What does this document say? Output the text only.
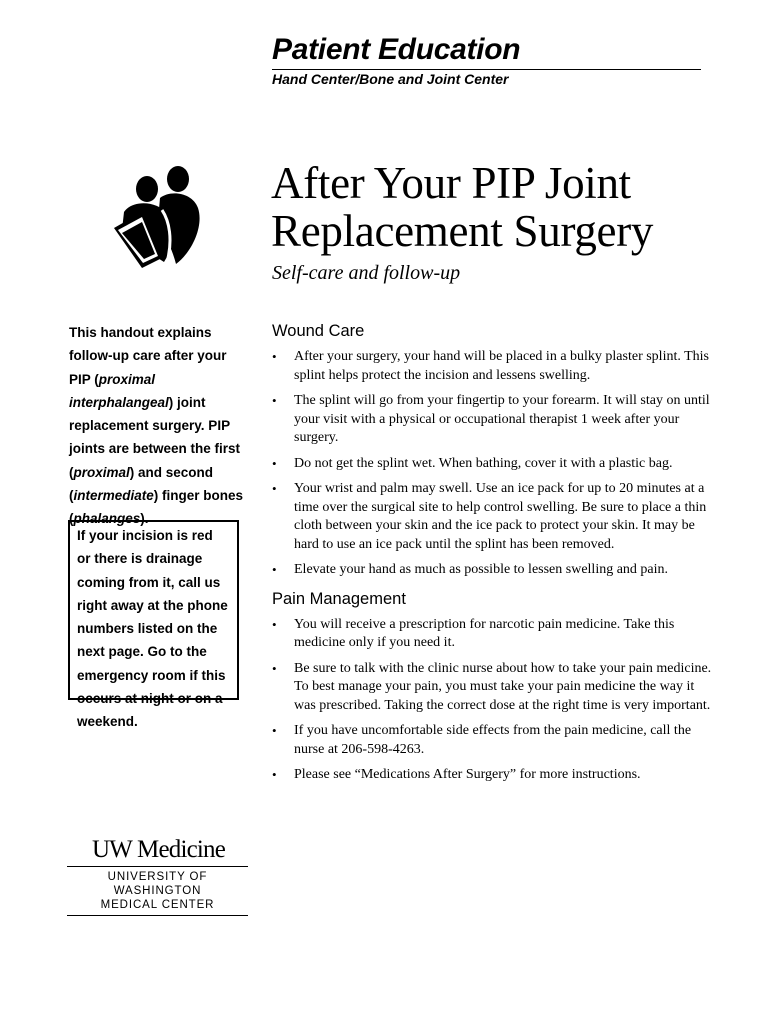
Patient Education
Hand Center/Bone and Joint Center
After Your PIP Joint
Replacement Surgery
Self-care and follow-up
This handout explains follow-up care after your PIP (proximal interphalangeal) joint replacement surgery. PIP joints are between the first (proximal) and second (intermediate) finger bones (phalanges).
If your incision is red or there is drainage coming from it, call us right away at the phone numbers listed on the next page. Go to the emergency room if this occurs at night or on a weekend.
Wound Care
• After your surgery, your hand will be placed in a bulky plaster splint. This splint helps protect the incision and lessens swelling.
• The splint will go from your fingertip to your forearm. It will stay on until your visit with a physical or occupational therapist 1 week after your surgery.
• Do not get the splint wet. When bathing, cover it with a plastic bag.
• Your wrist and palm may swell. Use an ice pack for up to 20 minutes at a time over the surgical site to help control swelling. Be sure to place a thin cloth between your skin and the ice pack to protect your skin. It may be hard to use an ice pack until the splint has been removed.
• Elevate your hand as much as possible to lessen swelling and pain.
Pain Management
• You will receive a prescription for narcotic pain medicine. Take this medicine only if you need it.
• Be sure to talk with the clinic nurse about how to take your pain medicine. To best manage your pain, you must take your pain medicine the way it was prescribed. Taking the correct dose at the right time is very important.
• If you have uncomfortable side effects from the pain medicine, call the nurse at 206-598-4263.
• Please see “Medications After Surgery” for more instructions.
UW Medicine
UNIVERSITY OF WASHINGTON
MEDICAL CENTER
